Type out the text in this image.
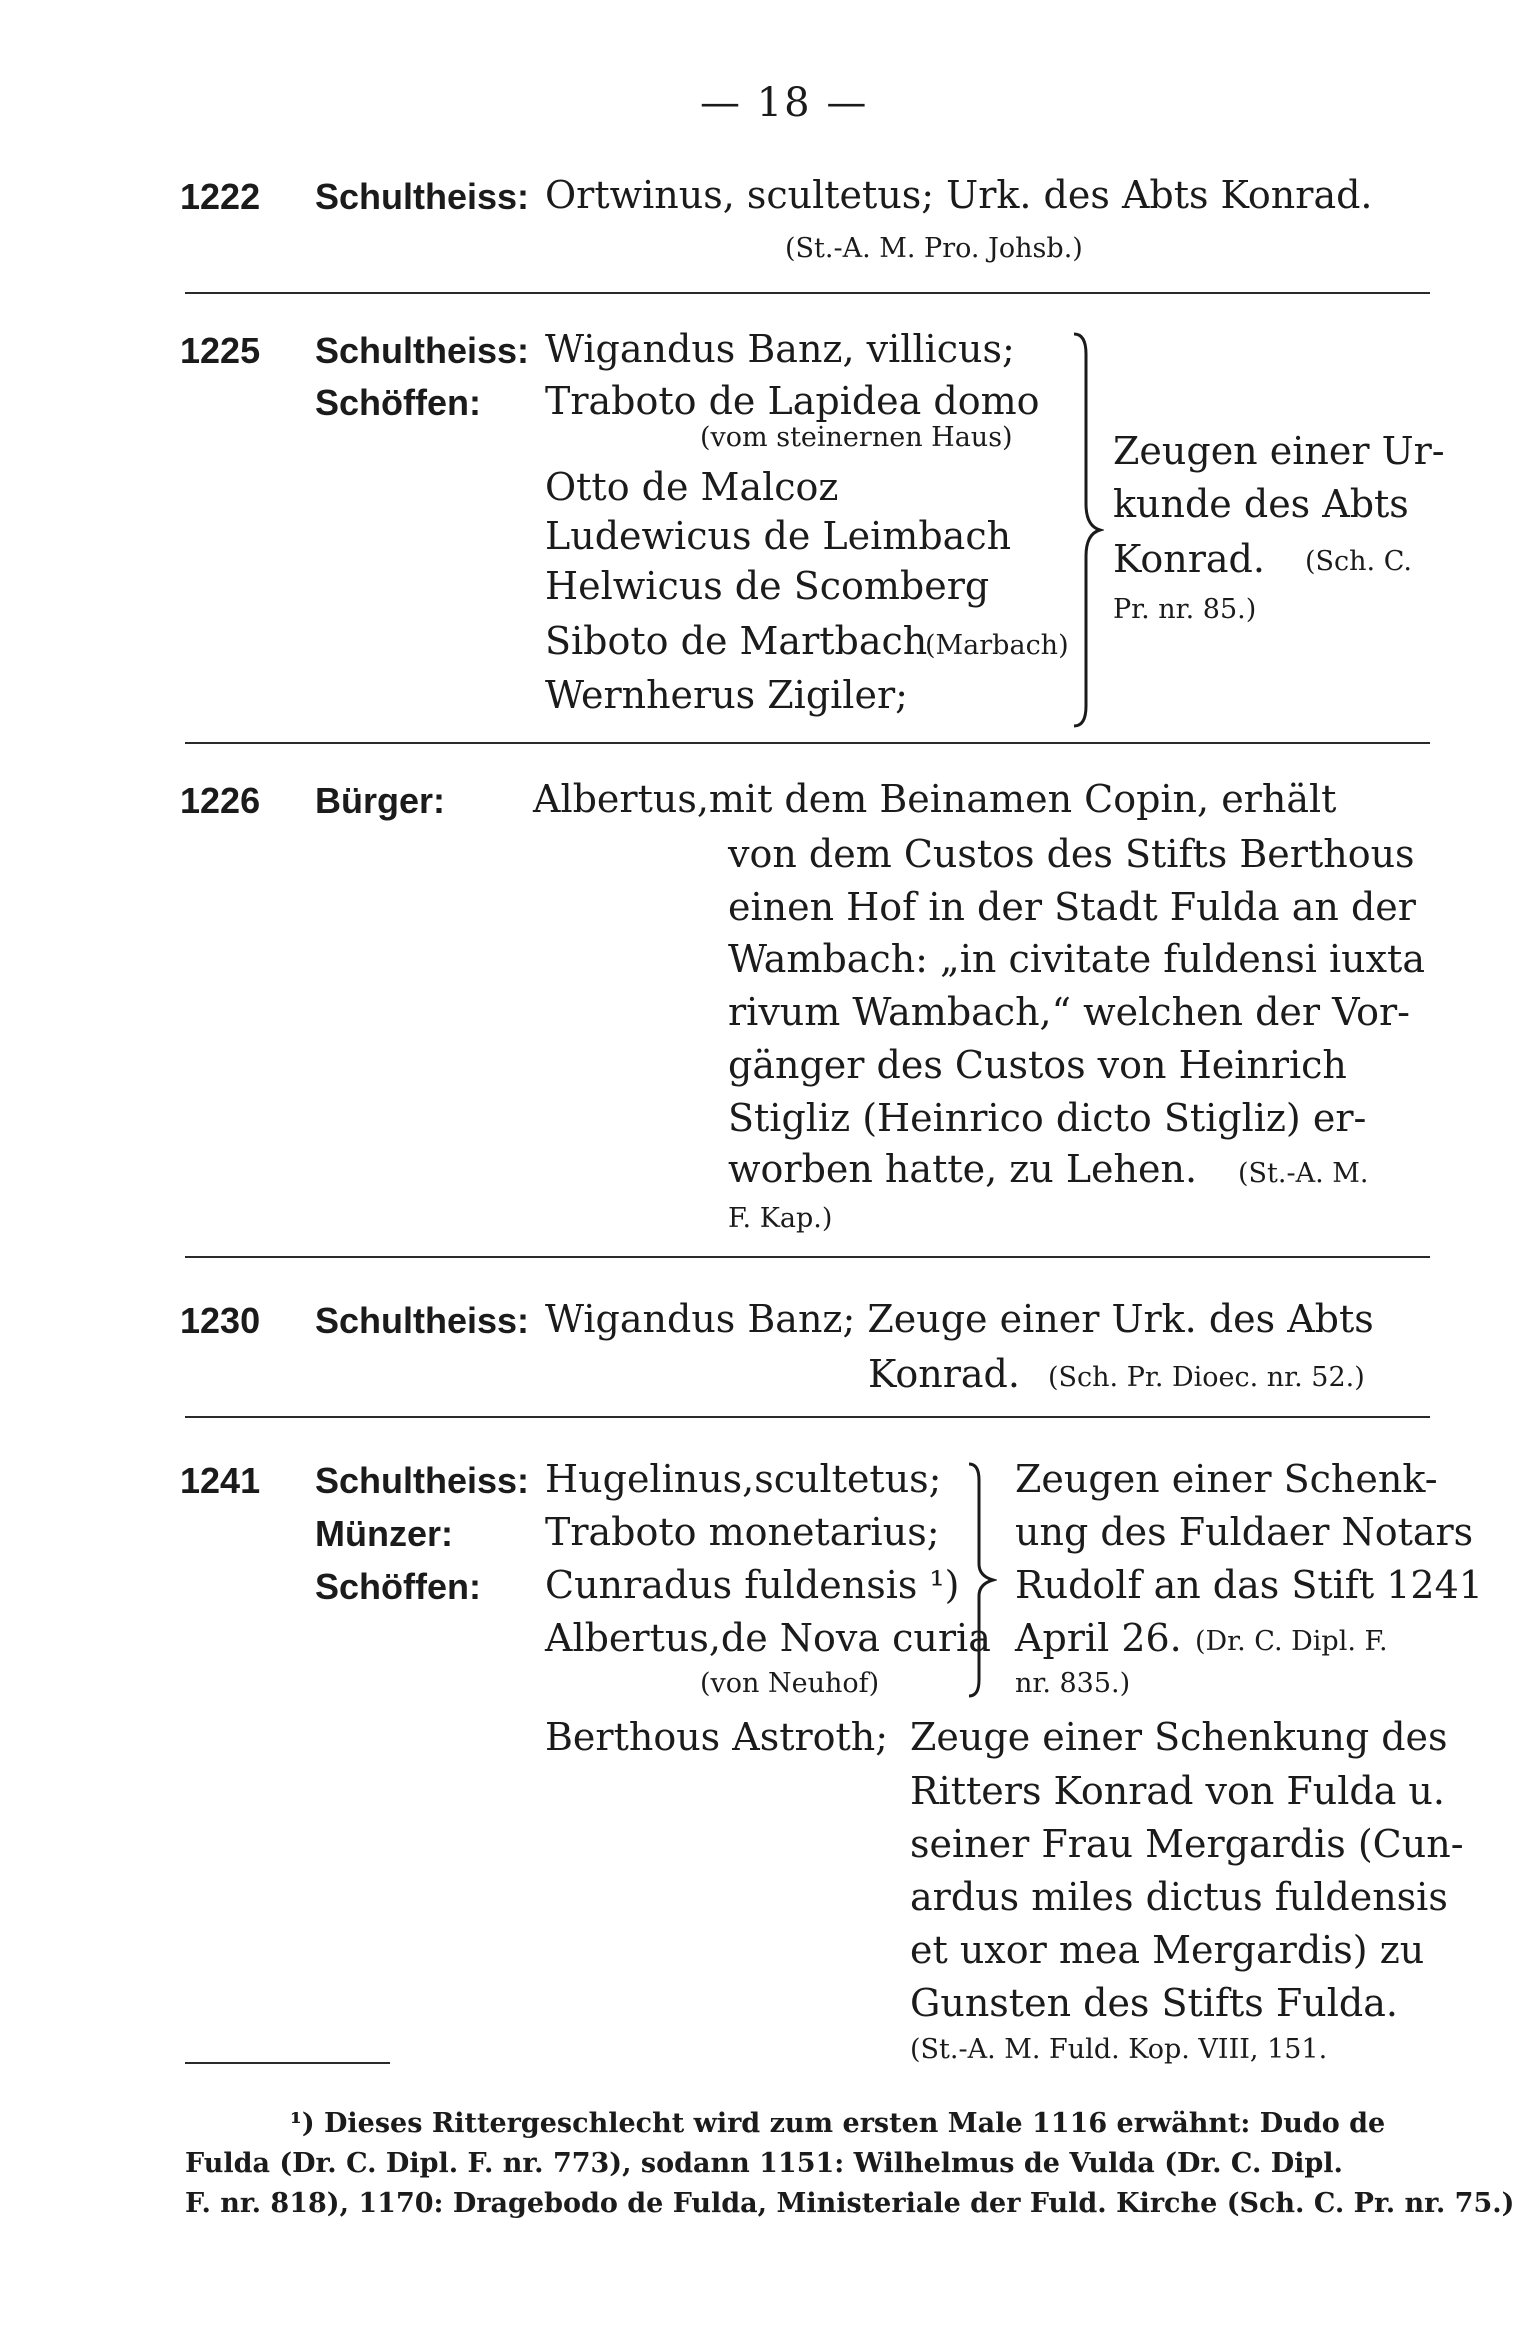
— 18 —
1222 Schultheiss: Ortwinus, scultetus; Urk. des Abts Konrad.
(St.-A. M. Pro. Johsb.)
1225 Schultheiss:
Schöffen:
Wigandus Banz, villicus;
Traboto de Lapidea domo
(vom steinernen Haus)
Otto de Malcoz
Ludewicus de Leimbach
Helwicus de Scomberg
Siboto de Martbach
(Marbach)
Wernherus Zigiler;
Zeugen einer Ur-
kunde des Abts
Konrad. (Sch. C.
Pr. nr. 85.)
1226 Bürger: Albertus,mit dem Beinamen Copin, erhält
von dem Custos des Stifts Berthous
einen Hof in der Stadt Fulda an der
Wambach: „in civitate fuldensi iuxta
rivum Wambach,“ welchen der Vor-
gänger des Custos von Heinrich
Stigliz (Heinrico dicto Stigliz) er-
worben hatte, zu Lehen. (St.-A. M.
F. Kap.)
1230 Schultheiss: Wigandus Banz; Zeuge einer Urk. des Abts
Konrad. (Sch. Pr. Dioec. nr. 52.)
1241 Schultheiss:
Münzer:
Schöffen:
Hugelinus,scultetus;
Traboto monetarius;
Cunradus fuldensis ¹)
Albertus,de Nova curia
(von Neuhof)
Zeugen einer Schenk-
ung des Fuldaer Notars
Rudolf an das Stift 1241
April 26. (Dr. C. Dipl. F.
nr. 835.)
Berthous Astroth; Zeuge einer Schenkung des
Ritters Konrad von Fulda u.
seiner Frau Mergardis (Cun-
ardus miles dictus fuldensis
et uxor mea Mergardis) zu
Gunsten des Stifts Fulda.
(St.-A. M. Fuld. Kop. VIII, 151.
¹) Dieses Rittergeschlecht wird zum ersten Male 1116 erwähnt: Dudo de
Fulda (Dr. C. Dipl. F. nr. 773), sodann 1151: Wilhelmus de Vulda (Dr. C. Dipl.
F. nr. 818), 1170: Dragebodo de Fulda, Ministeriale der Fuld. Kirche (Sch. C. Pr. nr. 75.)
